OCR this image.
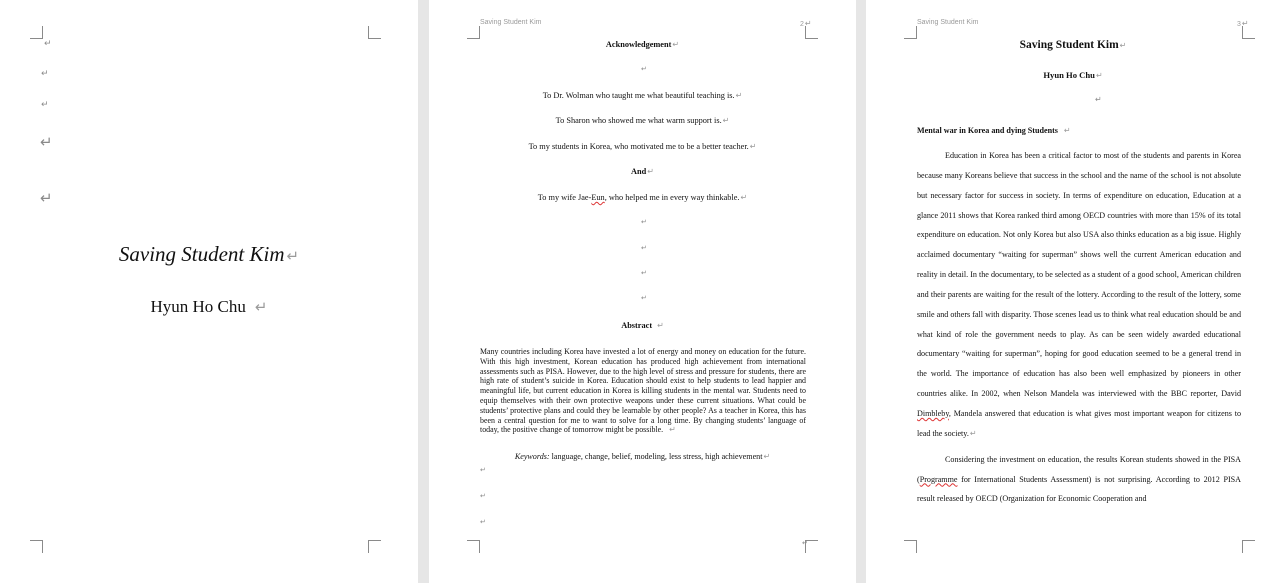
↵
↵
↵
↵
↵
Saving Student Kim ↵
Hyun Ho Chu ↵
Saving Student Kim	2↵
Acknowledgement↵
↵
To Dr. Wolman who taught me what beautiful teaching is.↵
To Sharon who showed me what warm support is.↵
To my students in Korea, who motivated me to be a better teacher.↵
And↵
To my wife Jae-Eun, who helped me in every way thinkable.↵
↵
↵
↵
↵
Abstract ↵
Many countries including Korea have invested a lot of energy and money on education for the future. With this high investment, Korean education has produced high achievement from international assessments such as PISA. However, due to the high level of stress and pressure for students, there are high rate of student’s suicide in Korea. Education should exist to help students to lead happier and meaningful life, but current education in Korea is killing students in the mental war. Students need to equip themselves with their own protective weapons under these current situations. What could be students’ protective plans and could they be learnable by other people? As a teacher in Korea, this has been a central question for me to want to solve for a long time. By changing students’ language of today, the positive change of tomorrow might be possible. ↵
Keywords: language, change, belief, modeling, less stress, high achievement↵
↵
↵
↵
↵
Saving Student Kim	3↵
Saving Student Kim↵
Hyun Ho Chu↵
↵
Mental war in Korea and dying Students ↵

Education in Korea has been a critical factor to most of the students and parents in Korea because many Koreans believe that success in the school and the name of the school is not absolute but necessary factor for success in society. In terms of expenditure on education, Education at a glance 2011 shows that Korea ranked third among OECD countries with more than 15% of its total expenditure on education. Not only Korea but also USA also thinks education as a big issue. Highly acclaimed documentary “waiting for superman” shows well the current American education and reality in detail. In the documentary, to be selected as a student of a good school, American children and their parents are waiting for the result of the lottery. According to the result of the lottery, some smile and others fall with disparity. Those scenes lead us to think what real education should be and what kind of role the government needs to play. As can be seen widely awarded educational documentary “waiting for superman”, hoping for good education seemed to be a general trend in the world. The importance of education has also been well emphasized by pioneers in other countries alike. In 2002, when Nelson Mandela was interviewed with the BBC reporter, David Dimbleby, Mandela answered that education is what gives most important weapon for citizens to lead the society.↵

Considering the investment on education, the results Korean students showed in the PISA (Programme for International Students Assessment) is not surprising. According to 2012 PISA result released by OECD (Organization for Economic Cooperation and
